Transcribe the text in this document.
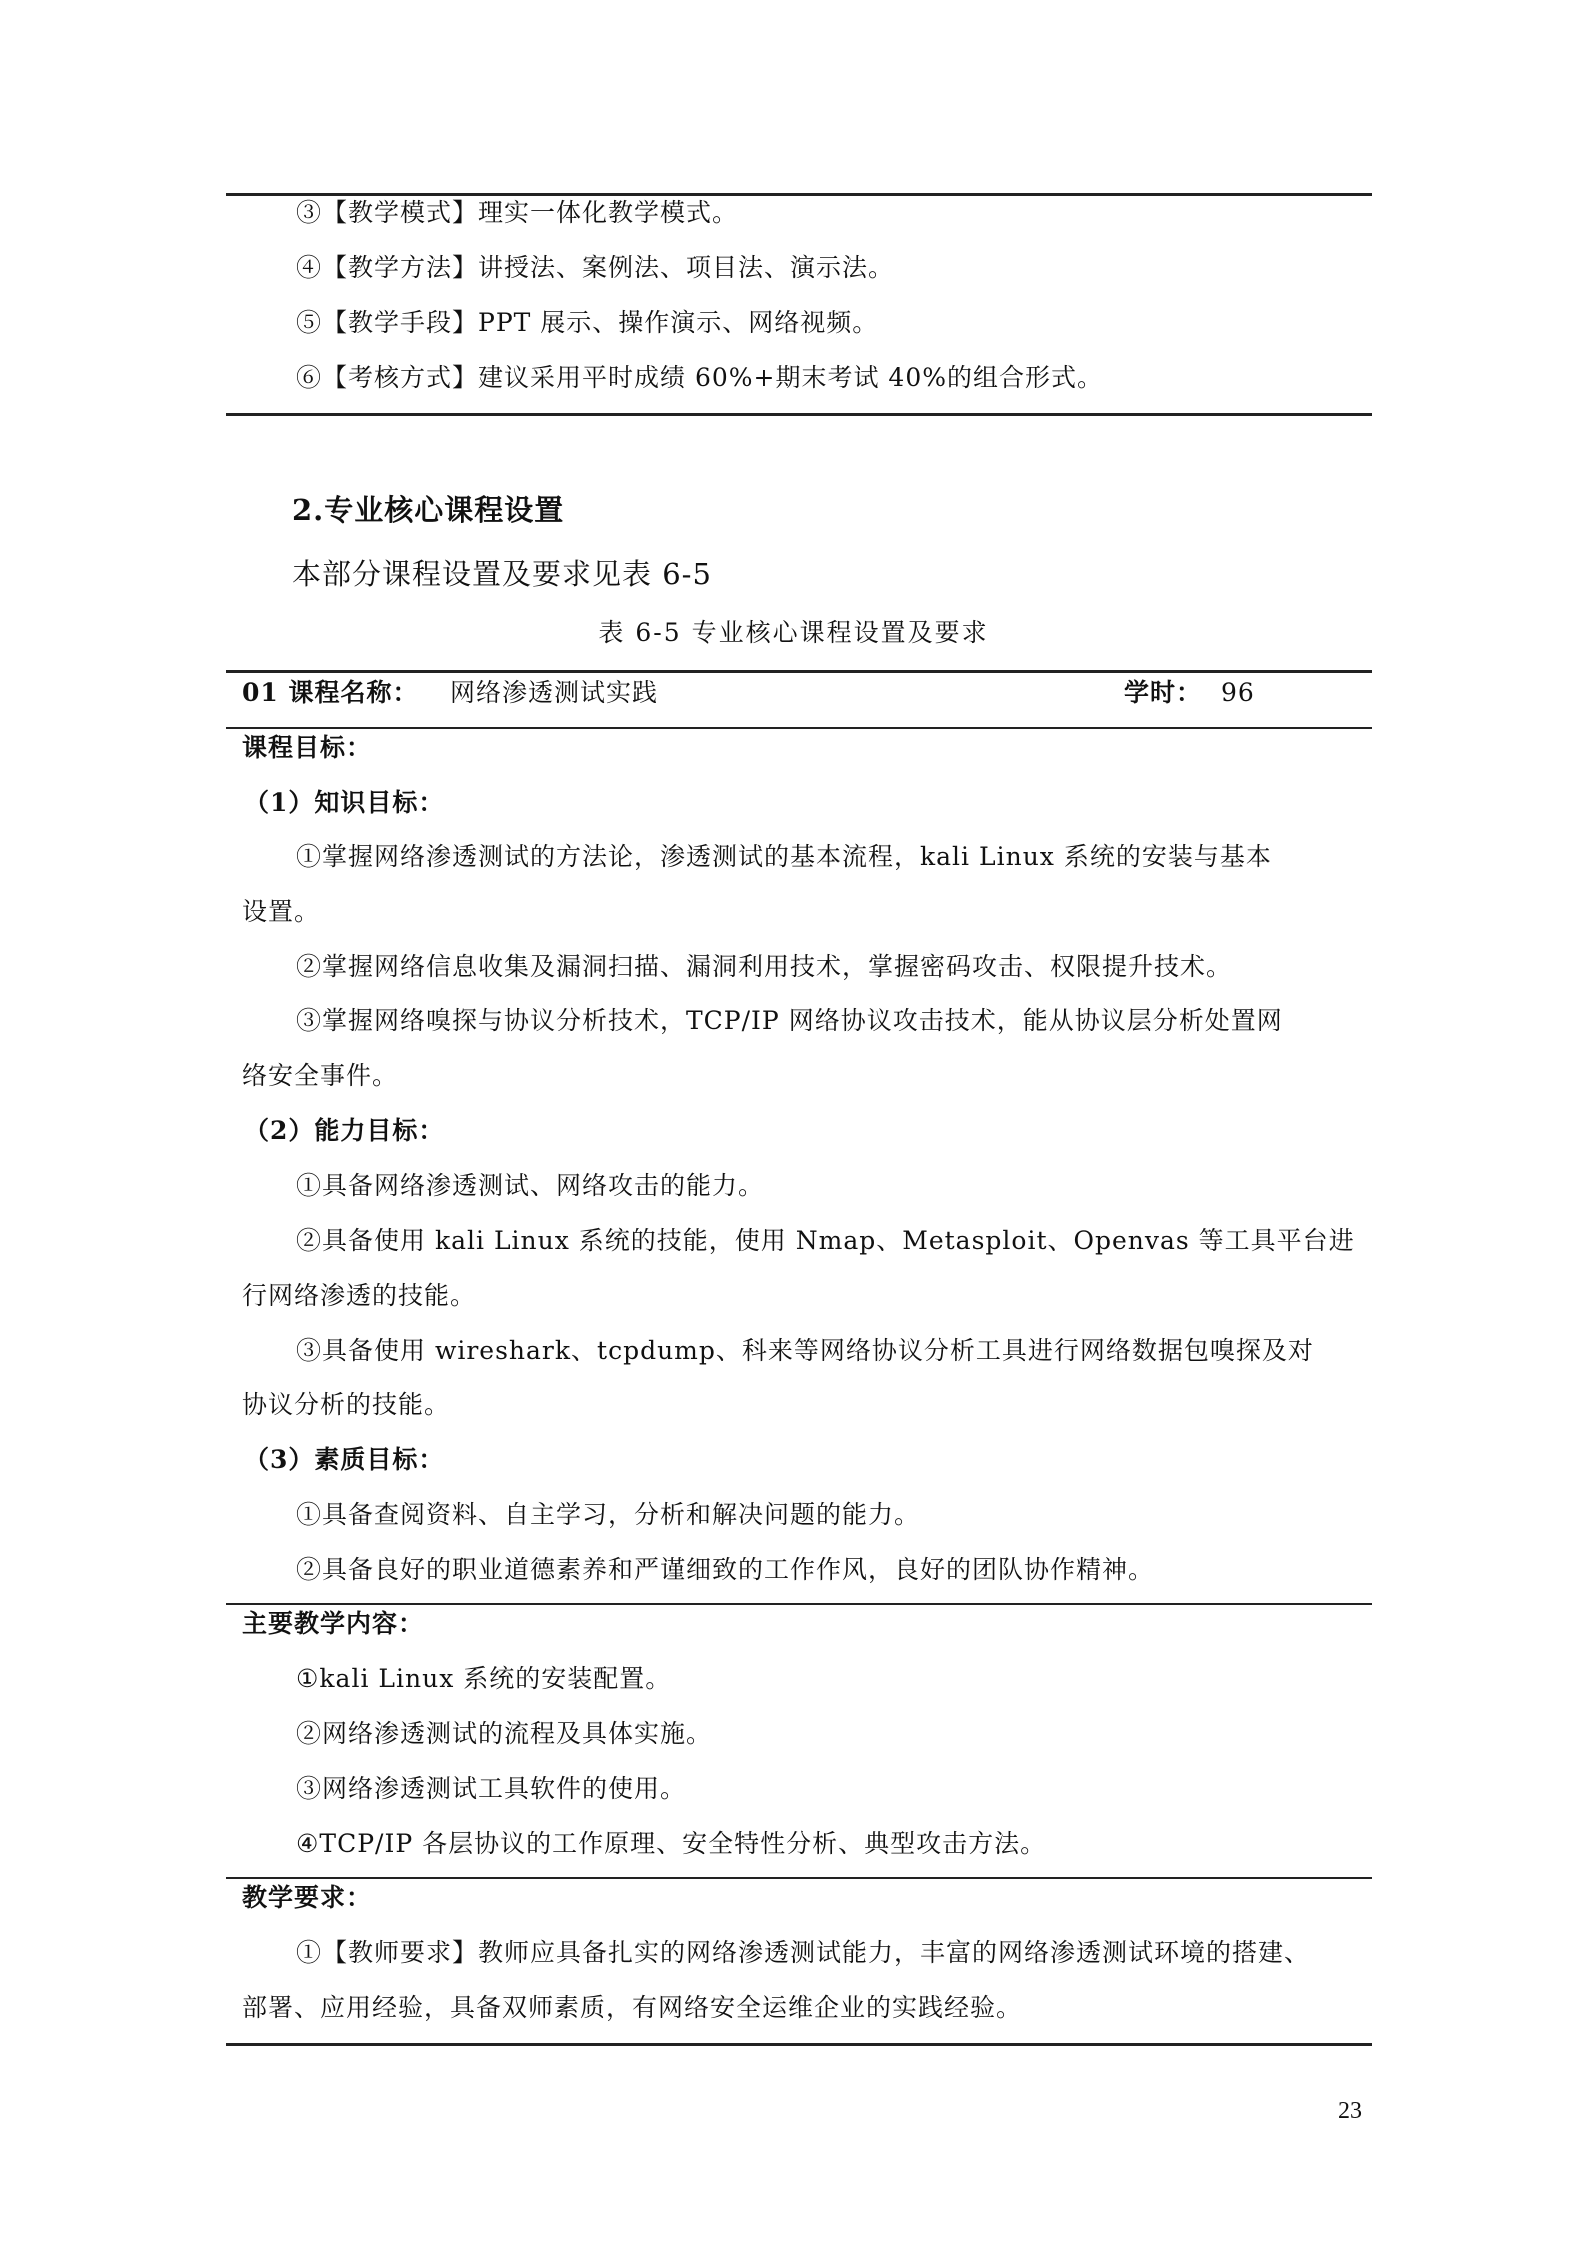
③【教学模式】理实一体化教学模式。
④【教学方法】讲授法、案例法、项目法、演示法。
⑤【教学手段】PPT 展示、操作演示、网络视频。
⑥【考核方式】建议采用平时成绩 60%+期末考试 40%的组合形式。
2.专业核心课程设置
本部分课程设置及要求见表 6-5
表 6-5 专业核心课程设置及要求
01 课程名称： 网络渗透测试实践	学时： 96
课程目标：
（1）知识目标：
①掌握网络渗透测试的方法论，渗透测试的基本流程，kali Linux 系统的安装与基本
设置。
②掌握网络信息收集及漏洞扫描、漏洞利用技术，掌握密码攻击、权限提升技术。
③掌握网络嗅探与协议分析技术，TCP/IP 网络协议攻击技术，能从协议层分析处置网
络安全事件。
（2）能力目标：
①具备网络渗透测试、网络攻击的能力。
②具备使用 kali Linux 系统的技能，使用 Nmap、Metasploit、Openvas 等工具平台进
行网络渗透的技能。
③具备使用 wireshark、tcpdump、科来等网络协议分析工具进行网络数据包嗅探及对
协议分析的技能。
（3）素质目标：
①具备查阅资料、自主学习，分析和解决问题的能力。
②具备良好的职业道德素养和严谨细致的工作作风，良好的团队协作精神。
主要教学内容：
①kali Linux 系统的安装配置。
②网络渗透测试的流程及具体实施。
③网络渗透测试工具软件的使用。
④TCP/IP 各层协议的工作原理、安全特性分析、典型攻击方法。
教学要求：
①【教师要求】教师应具备扎实的网络渗透测试能力，丰富的网络渗透测试环境的搭建、
部署、应用经验，具备双师素质，有网络安全运维企业的实践经验。
23
